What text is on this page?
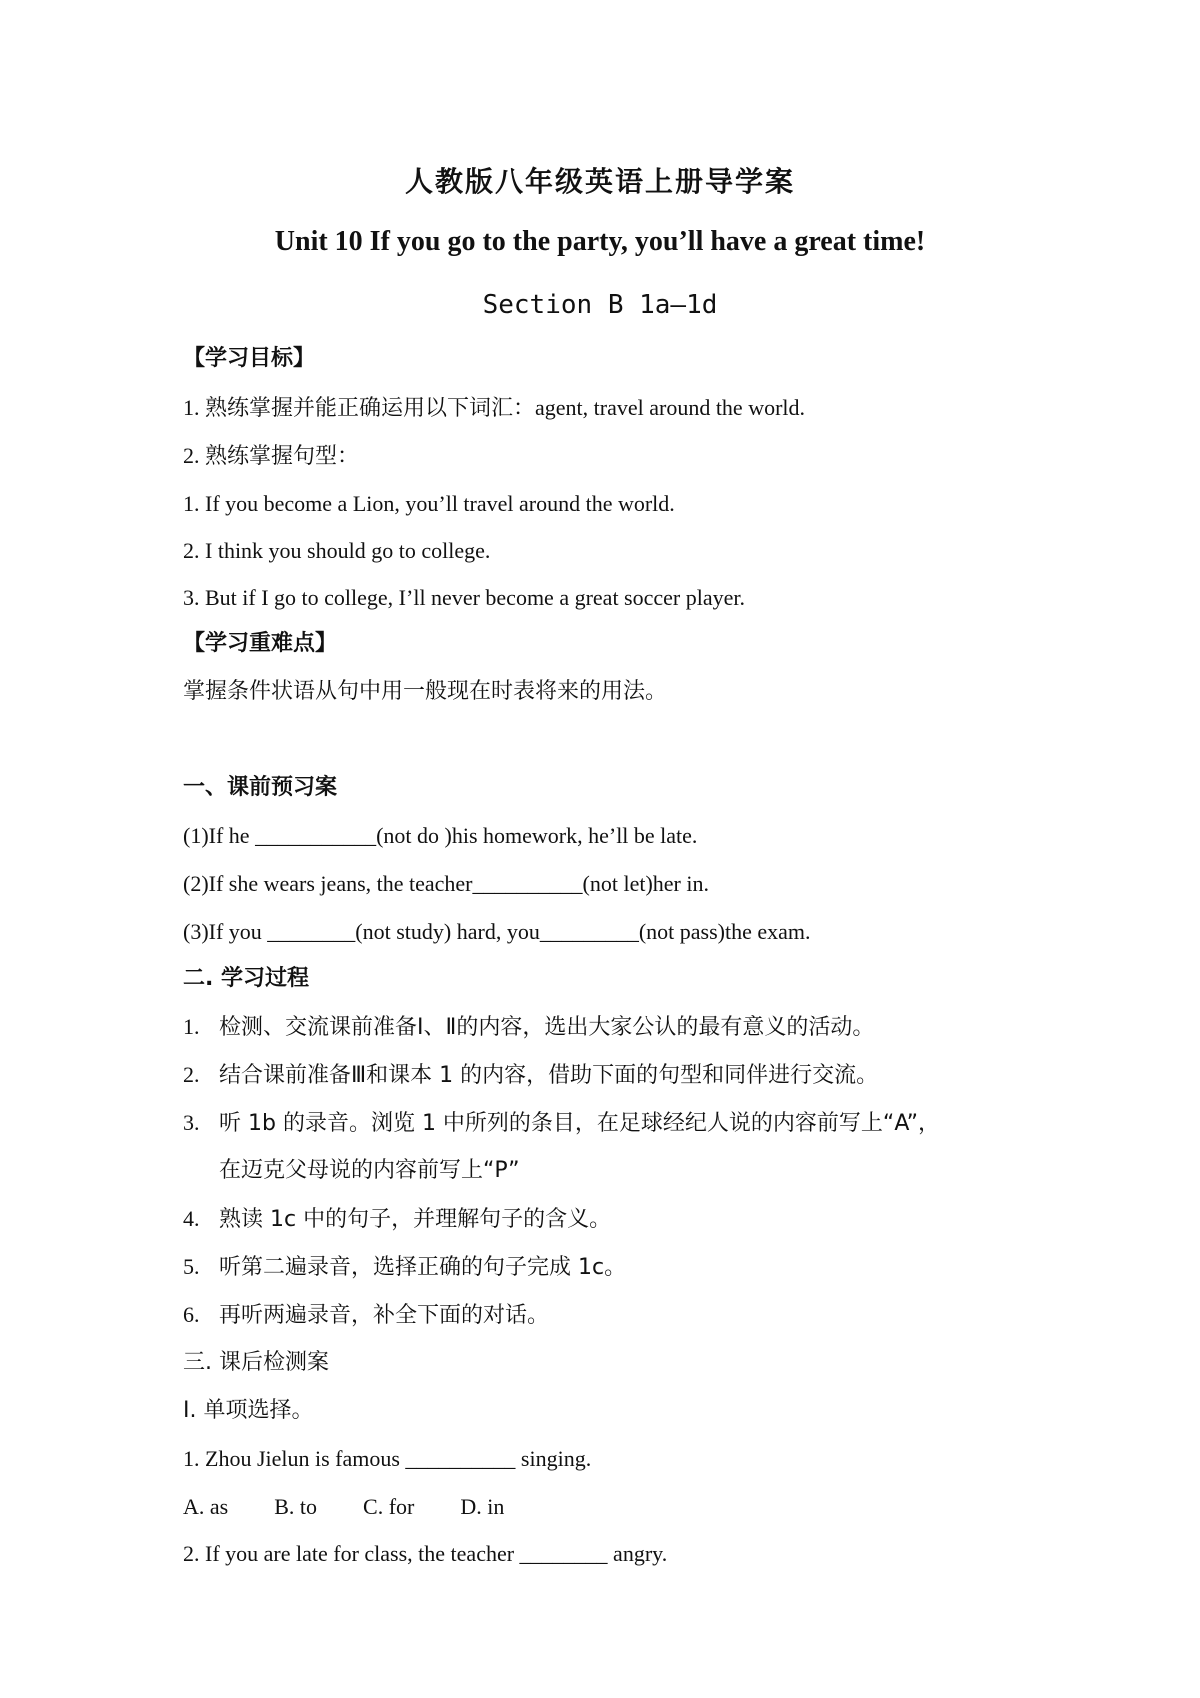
人教版八年级英语上册导学案
Unit 10 If you go to the party, you’ll have a great time!
Section B 1a—1d
【学习目标】
1. 熟练掌握并能正确运用以下词汇：agent, travel around the world.
2. 熟练掌握句型：
1. If you become a Lion, you’ll travel around the world.
2. I think you should go to college.
3. But if I go to college, I’ll never become a great soccer player.
【学习重难点】
掌握条件状语从句中用一般现在时表将来的用法。
一、课前预习案
(1)If he ___________(not do )his homework, he’ll be late.
(2)If she wears jeans, the teacher__________(not let)her in.
(3)If you ________(not study) hard, you_________(not pass)the exam.
二. 学习过程
1. 检测、交流课前准备Ⅰ、Ⅱ的内容，选出大家公认的最有意义的活动。
2. 结合课前准备Ⅲ和课本 1 的内容，借助下面的句型和同伴进行交流。
3. 听 1b 的录音。浏览 1 中所列的条目，在足球经纪人说的内容前写上“A”，
在迈克父母说的内容前写上“P”
4. 熟读 1c 中的句子，并理解句子的含义。
5. 听第二遍录音，选择正确的句子完成 1c。
6. 再听两遍录音，补全下面的对话。
三. 课后检测案
Ⅰ. 单项选择。
1. Zhou Jielun is famous __________ singing.
A. as B. to C. for D. in
2. If you are late for class, the teacher ________ angry.
